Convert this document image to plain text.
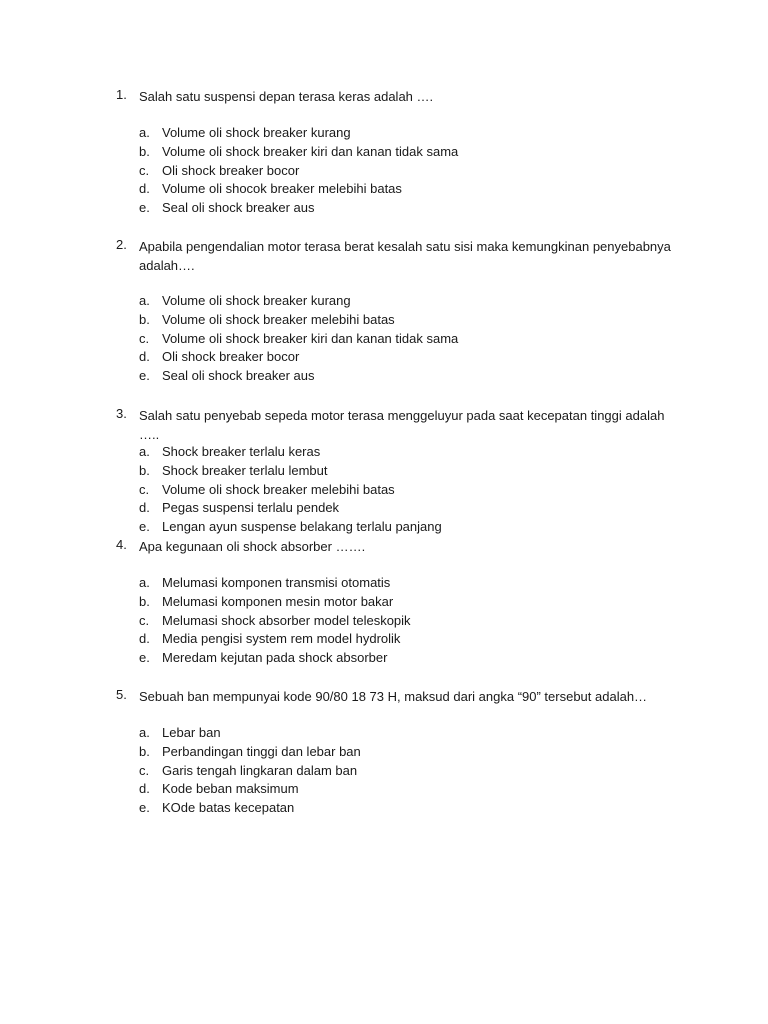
1. Salah satu suspensi depan terasa keras adalah ….
a. Volume oli shock breaker kurang
b. Volume oli shock breaker kiri dan kanan tidak sama
c. Oli shock breaker bocor
d. Volume oli shocok breaker melebihi batas
e. Seal oli shock breaker aus
2. Apabila pengendalian motor terasa berat kesalah satu sisi maka kemungkinan penyebabnya
adalah….
a. Volume oli shock breaker kurang
b. Volume oli shock breaker melebihi batas
c. Volume oli shock breaker kiri dan kanan tidak sama
d. Oli shock breaker bocor
e. Seal oli shock breaker aus
3. Salah satu penyebab sepeda motor terasa menggeluyur pada saat kecepatan tinggi adalah
…..
a. Shock breaker terlalu keras
b. Shock breaker terlalu lembut
c. Volume oli shock breaker melebihi batas
d. Pegas suspensi terlalu pendek
e. Lengan ayun suspense belakang terlalu panjang
4. Apa kegunaan oli shock absorber …….
a. Melumasi komponen transmisi otomatis
b. Melumasi komponen mesin motor bakar
c. Melumasi shock absorber model teleskopik
d. Media pengisi system rem model hydrolik
e. Meredam kejutan pada shock absorber
5. Sebuah ban mempunyai kode 90/80 18 73 H, maksud dari angka “90” tersebut adalah…
a. Lebar ban
b. Perbandingan tinggi dan lebar ban
c. Garis tengah lingkaran dalam ban
d. Kode beban maksimum
e. KOde batas kecepatan
